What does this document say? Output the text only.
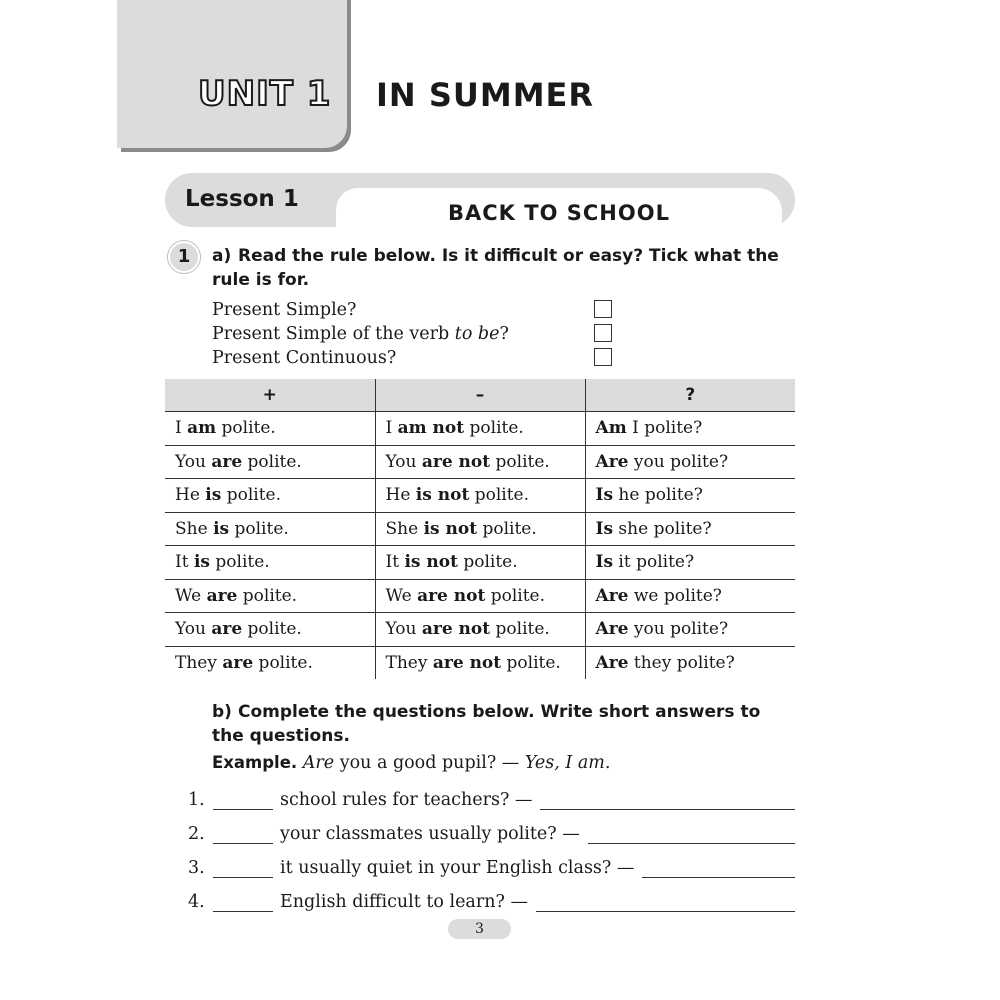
UNIT 1 IN SUMMER
Lesson 1
BACK TO SCHOOL
1	a) Read the rule below. Is it difficult or easy? Tick what the rule is for.
Present Simple?
Present Simple of the verb to be?
Present Continuous?
+	–	?
I am polite.	I am not polite.	Am I polite?
You are polite.	You are not polite.	Are you polite?
He is polite.	He is not polite.	Is he polite?
She is polite.	She is not polite.	Is she polite?
It is polite.	It is not polite.	Is it polite?
We are polite.	We are not polite.	Are we polite?
You are polite.	You are not polite.	Are you polite?
They are polite.	They are not polite.	Are they polite?
b) Complete the questions below. Write short answers to the questions.
Example. Are you a good pupil? — Yes, I am.
1.	school rules for teachers? —
2.	your classmates usually polite? —
3.	it usually quiet in your English class? —
4.	English difficult to learn? —
3
